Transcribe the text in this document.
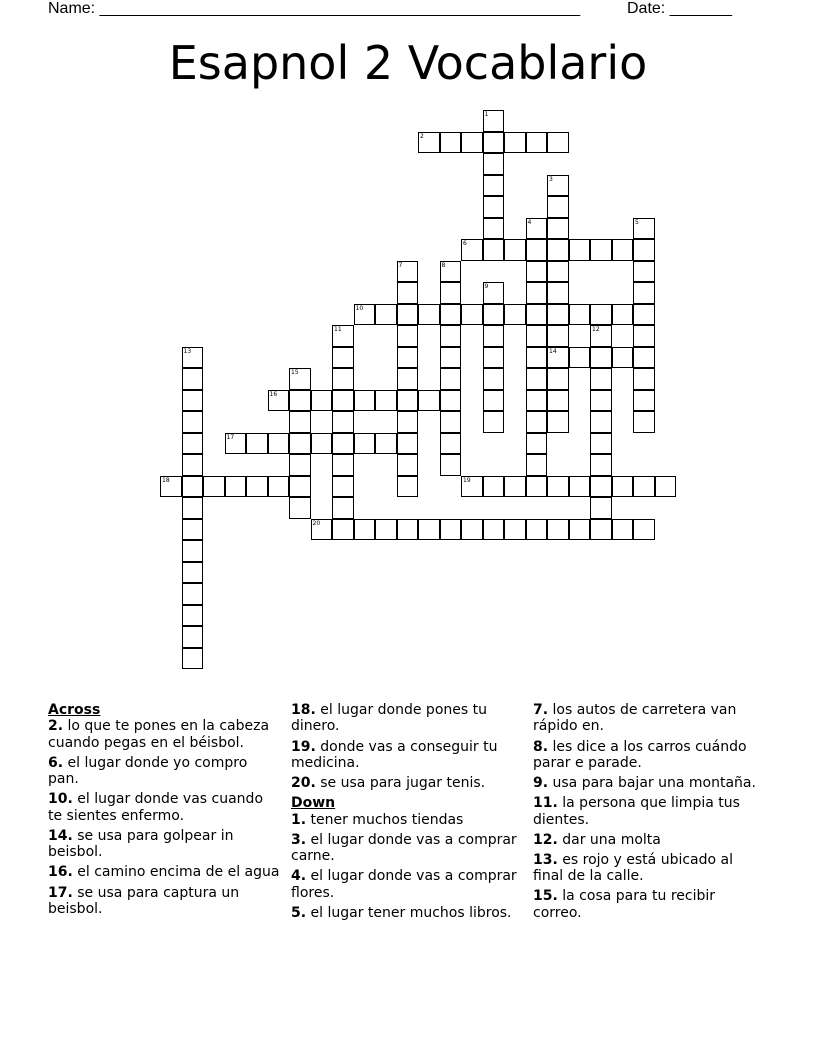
Name: ______________________________________________________

	Date: _______

Esapnol 2 Vocablario
1
2
3
14
4	5
6
7	8
9
10
11	12
13
15
16
17
18	19
20
Across
2. lo que te pones en la cabeza cuando pegas en el béisbol.
6. el lugar donde yo compro pan.
10. el lugar donde vas cuando te sientes enfermo.
14. se usa para golpear in beisbol.
16. el camino encima de el agua
17. se usa para captura un beisbol.
18. el lugar donde pones tu dinero.
19. donde vas a conseguir tu medicina.
20. se usa para jugar tenis.
Down
1. tener muchos tiendas
3. el lugar donde vas a comprar carne.
4. el lugar donde vas a comprar flores.
5. el lugar tener muchos libros.
7. los autos de carretera van rápido en.
8. les dice a los carros cuándo parar e parade.
9. usa para bajar una montaña.
11. la persona que limpia tus dientes.
12. dar una molta
13. es rojo y está ubicado al final de la calle.
15. la cosa para tu recibir correo.
